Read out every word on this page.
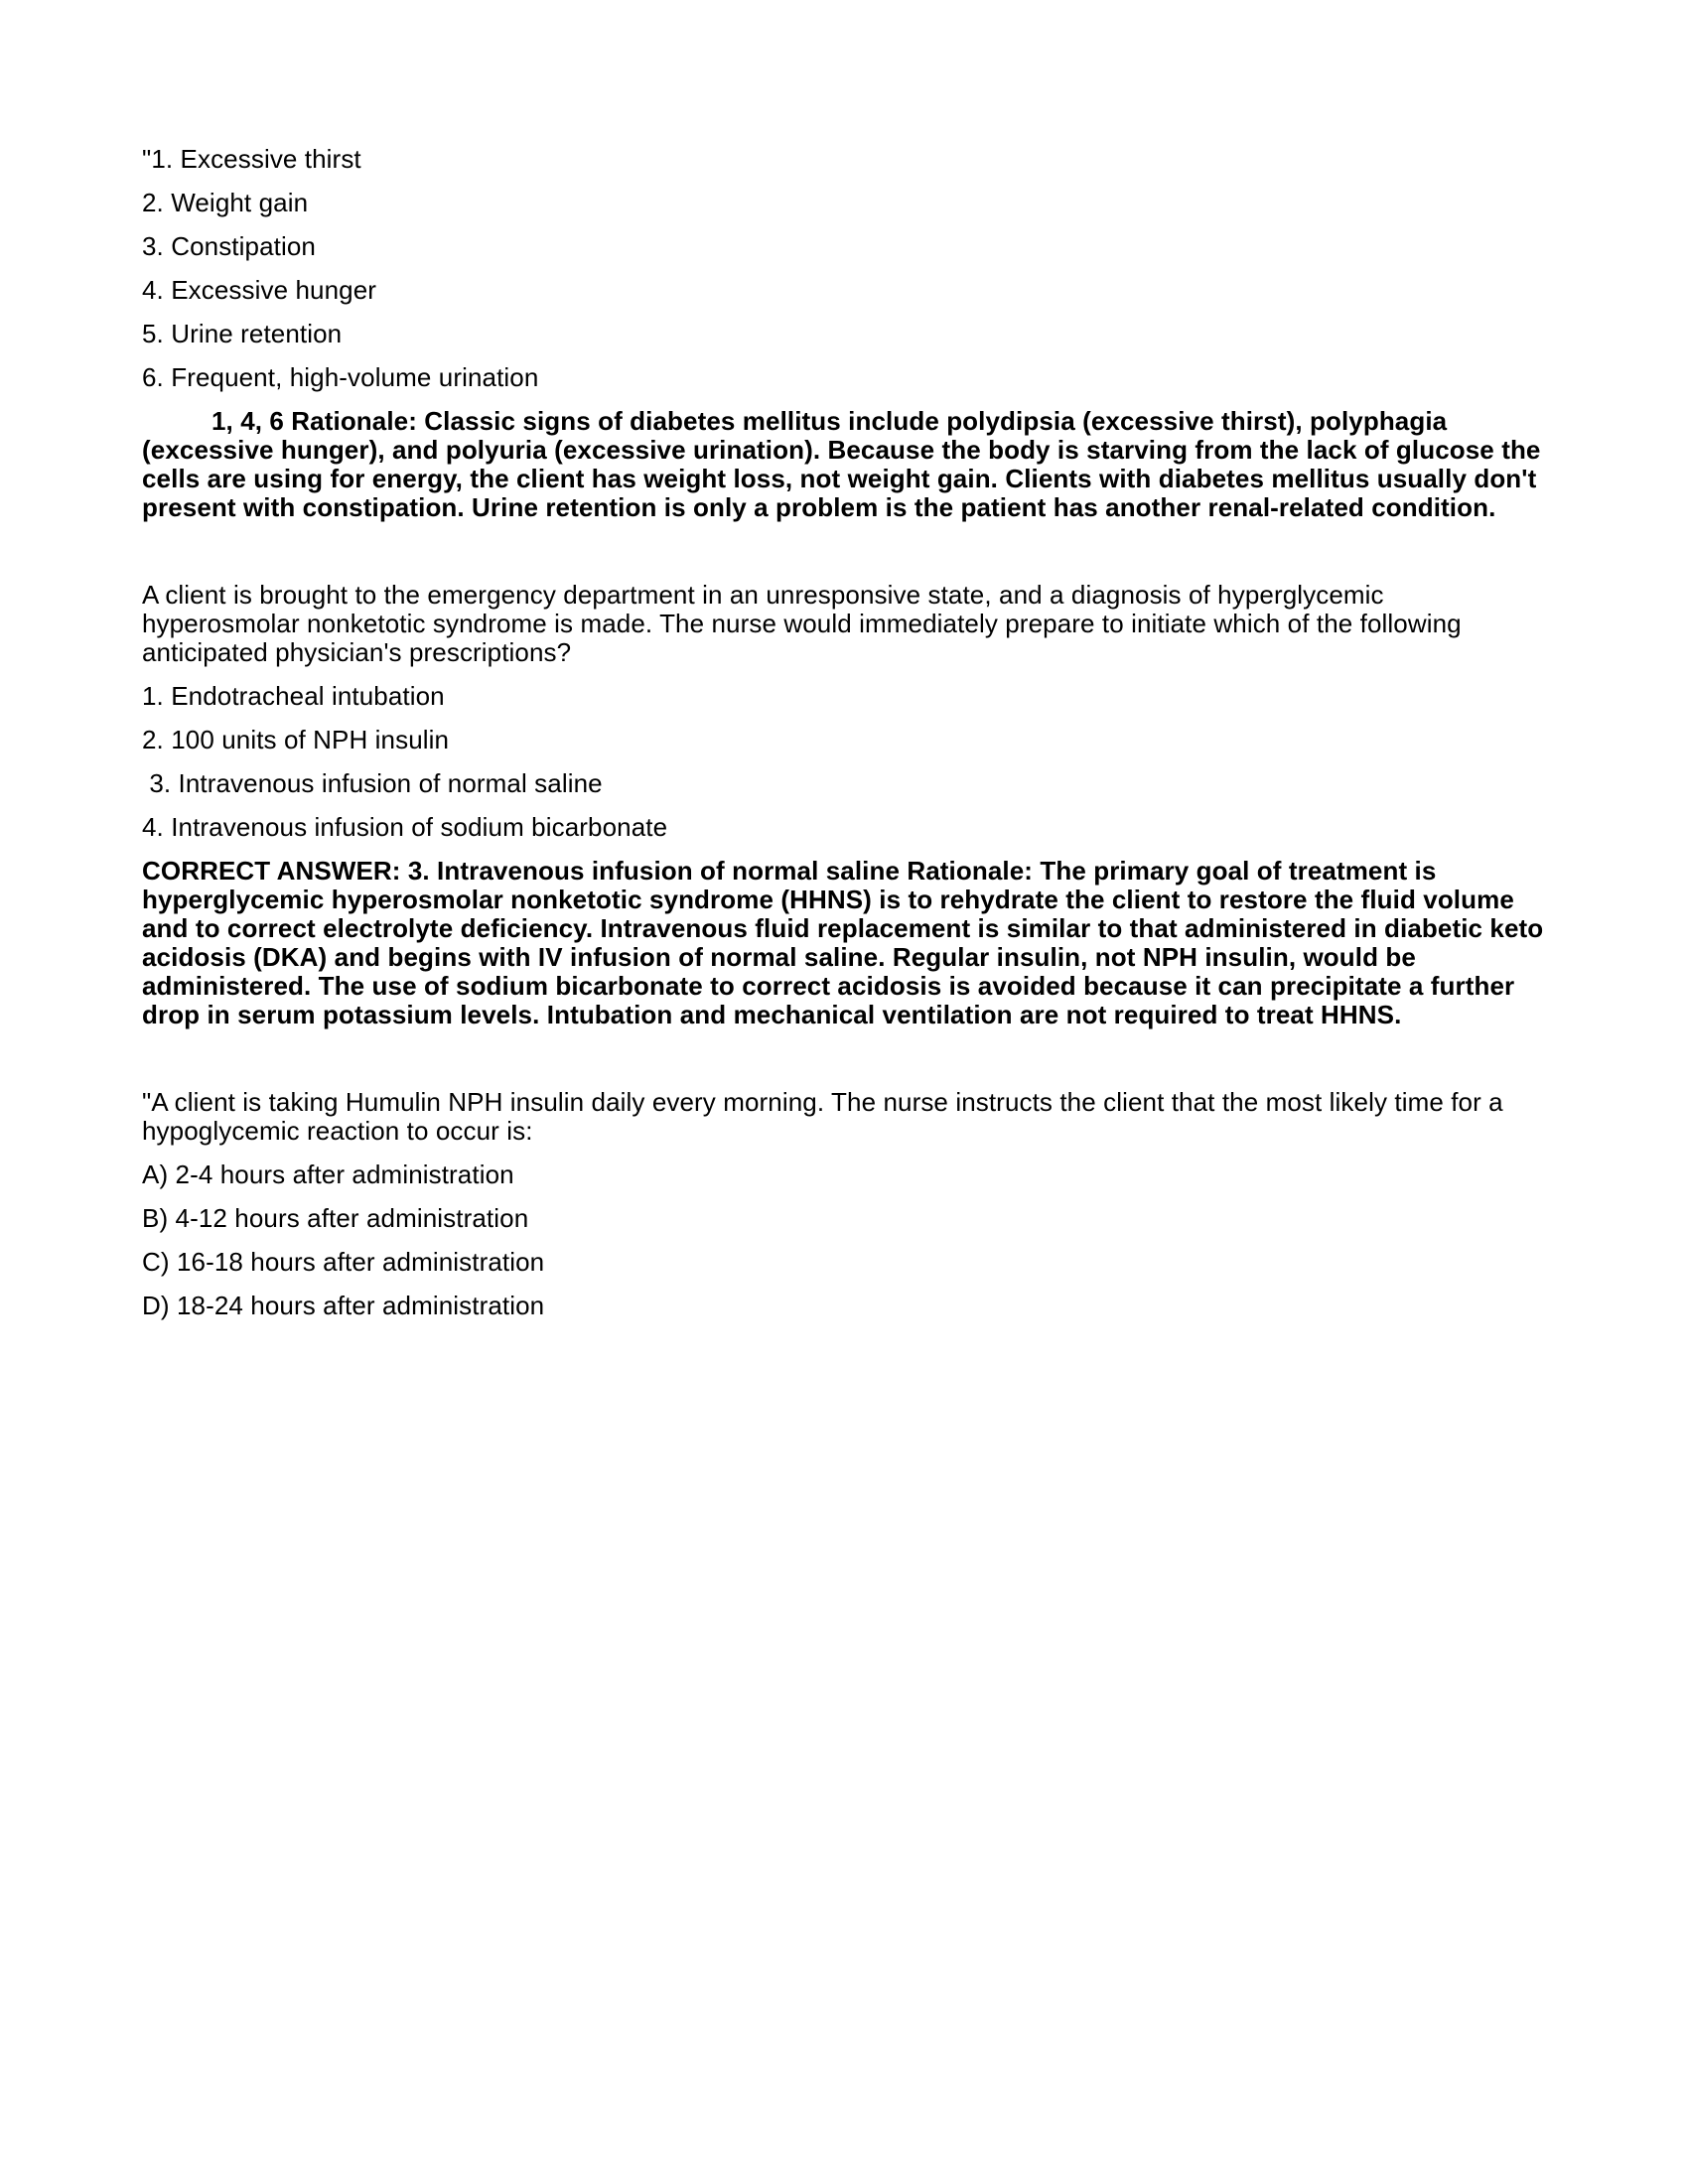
"1. Excessive thirst

2. Weight gain

3. Constipation

4. Excessive hunger

5. Urine retention

6. Frequent, high-volume urination

1, 4, 6 Rationale: Classic signs of diabetes mellitus include polydipsia (excessive thirst), polyphagia (excessive hunger), and polyuria (excessive urination). Because the body is starving from the lack of glucose the cells are using for energy, the client has weight loss, not weight gain. Clients with diabetes mellitus usually don't present with constipation. Urine retention is only a problem is the patient has another renal-related condition.

A client is brought to the emergency department in an unresponsive state, and a diagnosis of hyperglycemic hyperosmolar nonketotic syndrome is made. The nurse would immediately prepare to initiate which of the following anticipated physician's prescriptions?

1. Endotracheal intubation

2. 100 units of NPH insulin

3. Intravenous infusion of normal saline

4. Intravenous infusion of sodium bicarbonate

CORRECT ANSWER: 3. Intravenous infusion of normal saline Rationale: The primary goal of treatment is hyperglycemic hyperosmolar nonketotic syndrome (HHNS) is to rehydrate the client to restore the fluid volume and to correct electrolyte deficiency. Intravenous fluid replacement is similar to that administered in diabetic keto acidosis (DKA) and begins with IV infusion of normal saline. Regular insulin, not NPH insulin, would be administered. The use of sodium bicarbonate to correct acidosis is avoided because it can precipitate a further drop in serum potassium levels. Intubation and mechanical ventilation are not required to treat HHNS.

"A client is taking Humulin NPH insulin daily every morning. The nurse instructs the client that the most likely time for a hypoglycemic reaction to occur is:

A) 2-4 hours after administration

B) 4-12 hours after administration

C) 16-18 hours after administration

D) 18-24 hours after administration
